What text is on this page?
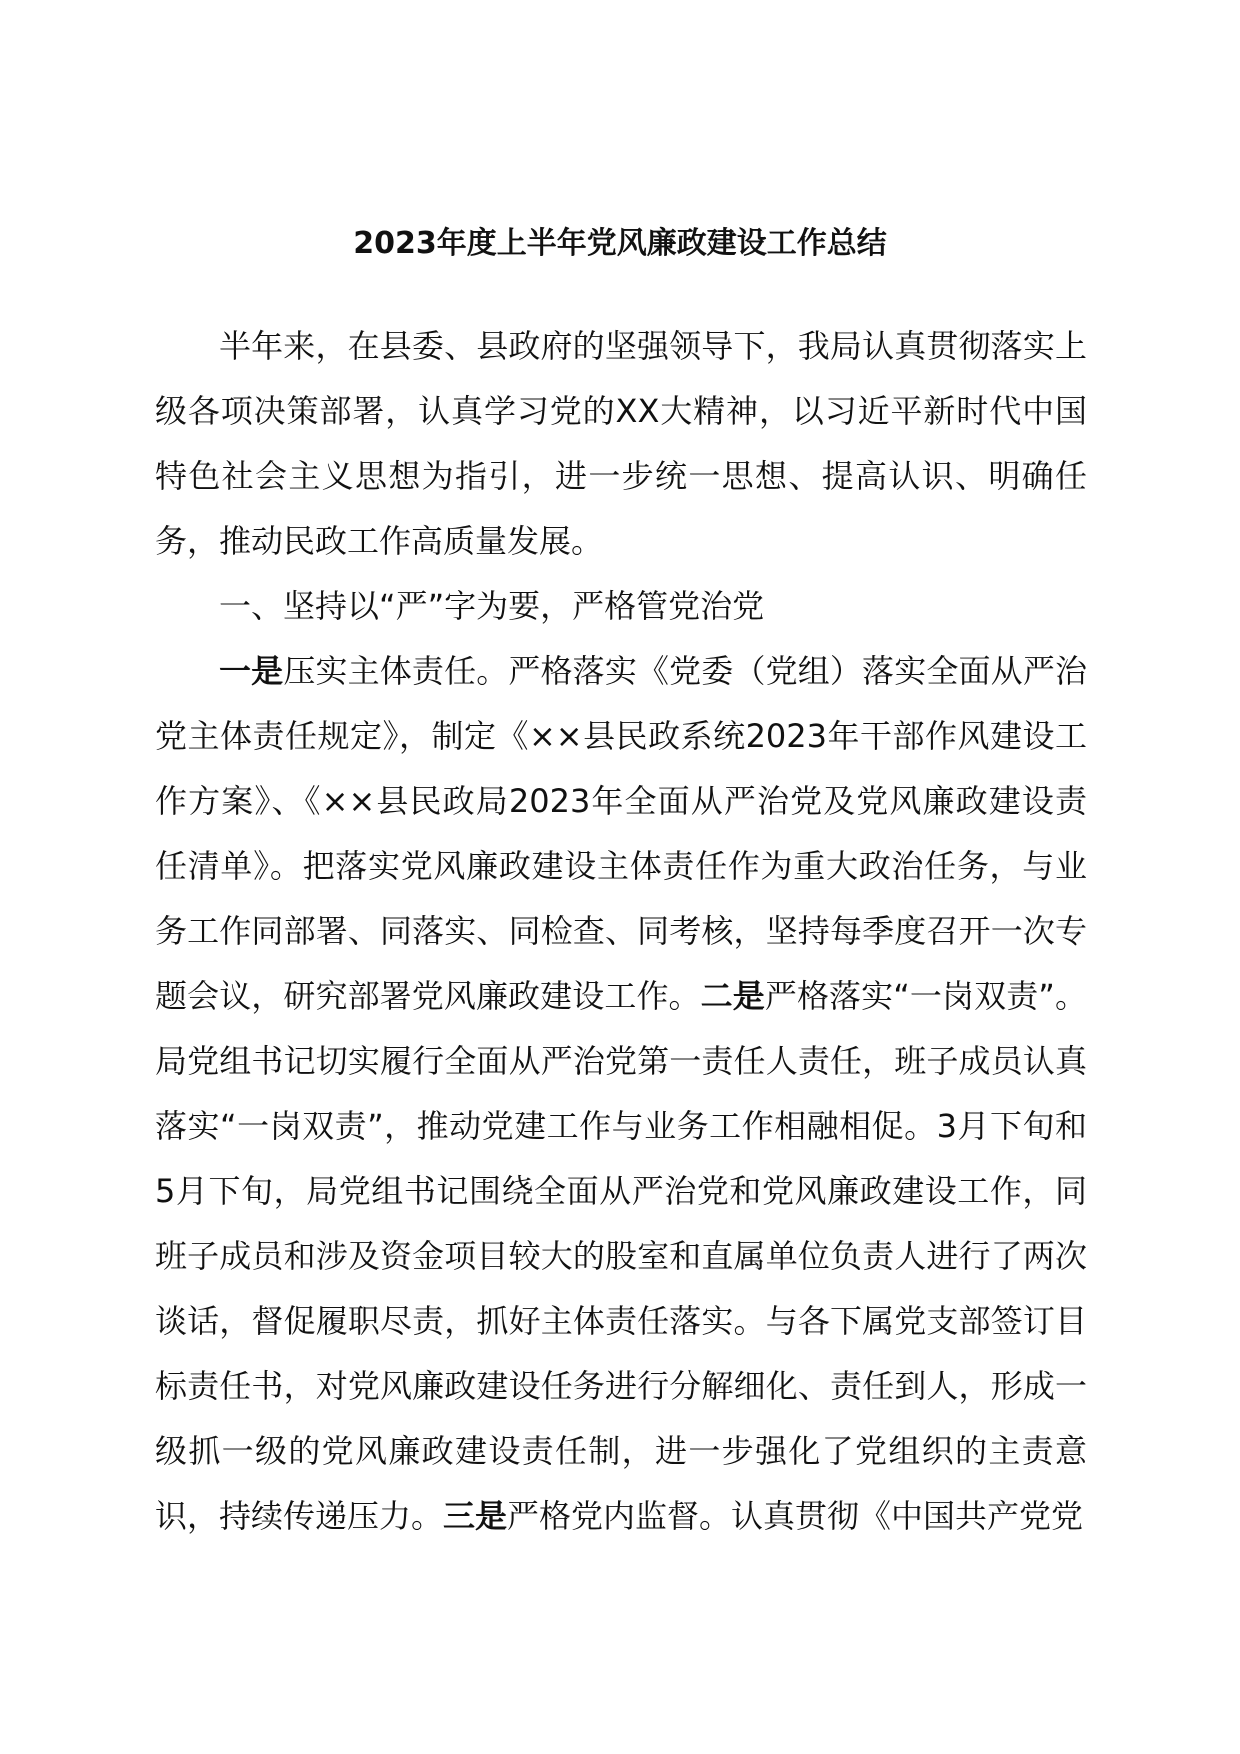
2023年度上半年党风廉政建设工作总结

半年来，在县委、县政府的坚强领导下，我局认真贯彻落实上级各项决策部署，认真学习党的XX大精神，以习近平新时代中国特色社会主义思想为指引，进一步统一思想、提高认识、明确任务，推动民政工作高质量发展。

一、坚持以“严”字为要，严格管党治党

一是压实主体责任。严格落实《党委（党组）落实全面从严治党主体责任规定》，制定《××县民政系统2023年干部作风建设工作方案》、《××县民政局2023年全面从严治党及党风廉政建设责任清单》。把落实党风廉政建设主体责任作为重大政治任务，与业务工作同部署、同落实、同检查、同考核，坚持每季度召开一次专题会议，研究部署党风廉政建设工作。二是严格落实“一岗双责”。局党组书记切实履行全面从严治党第一责任人责任，班子成员认真落实“一岗双责”，推动党建工作与业务工作相融相促。3月下旬和5月下旬，局党组书记围绕全面从严治党和党风廉政建设工作，同班子成员和涉及资金项目较大的股室和直属单位负责人进行了两次谈话，督促履职尽责，抓好主体责任落实。与各下属党支部签订目标责任书，对党风廉政建设任务进行分解细化、责任到人，形成一级抓一级的党风廉政建设责任制，进一步强化了党组织的主责意识，持续传递压力。三是严格党内监督。认真贯彻《中国共产党党
